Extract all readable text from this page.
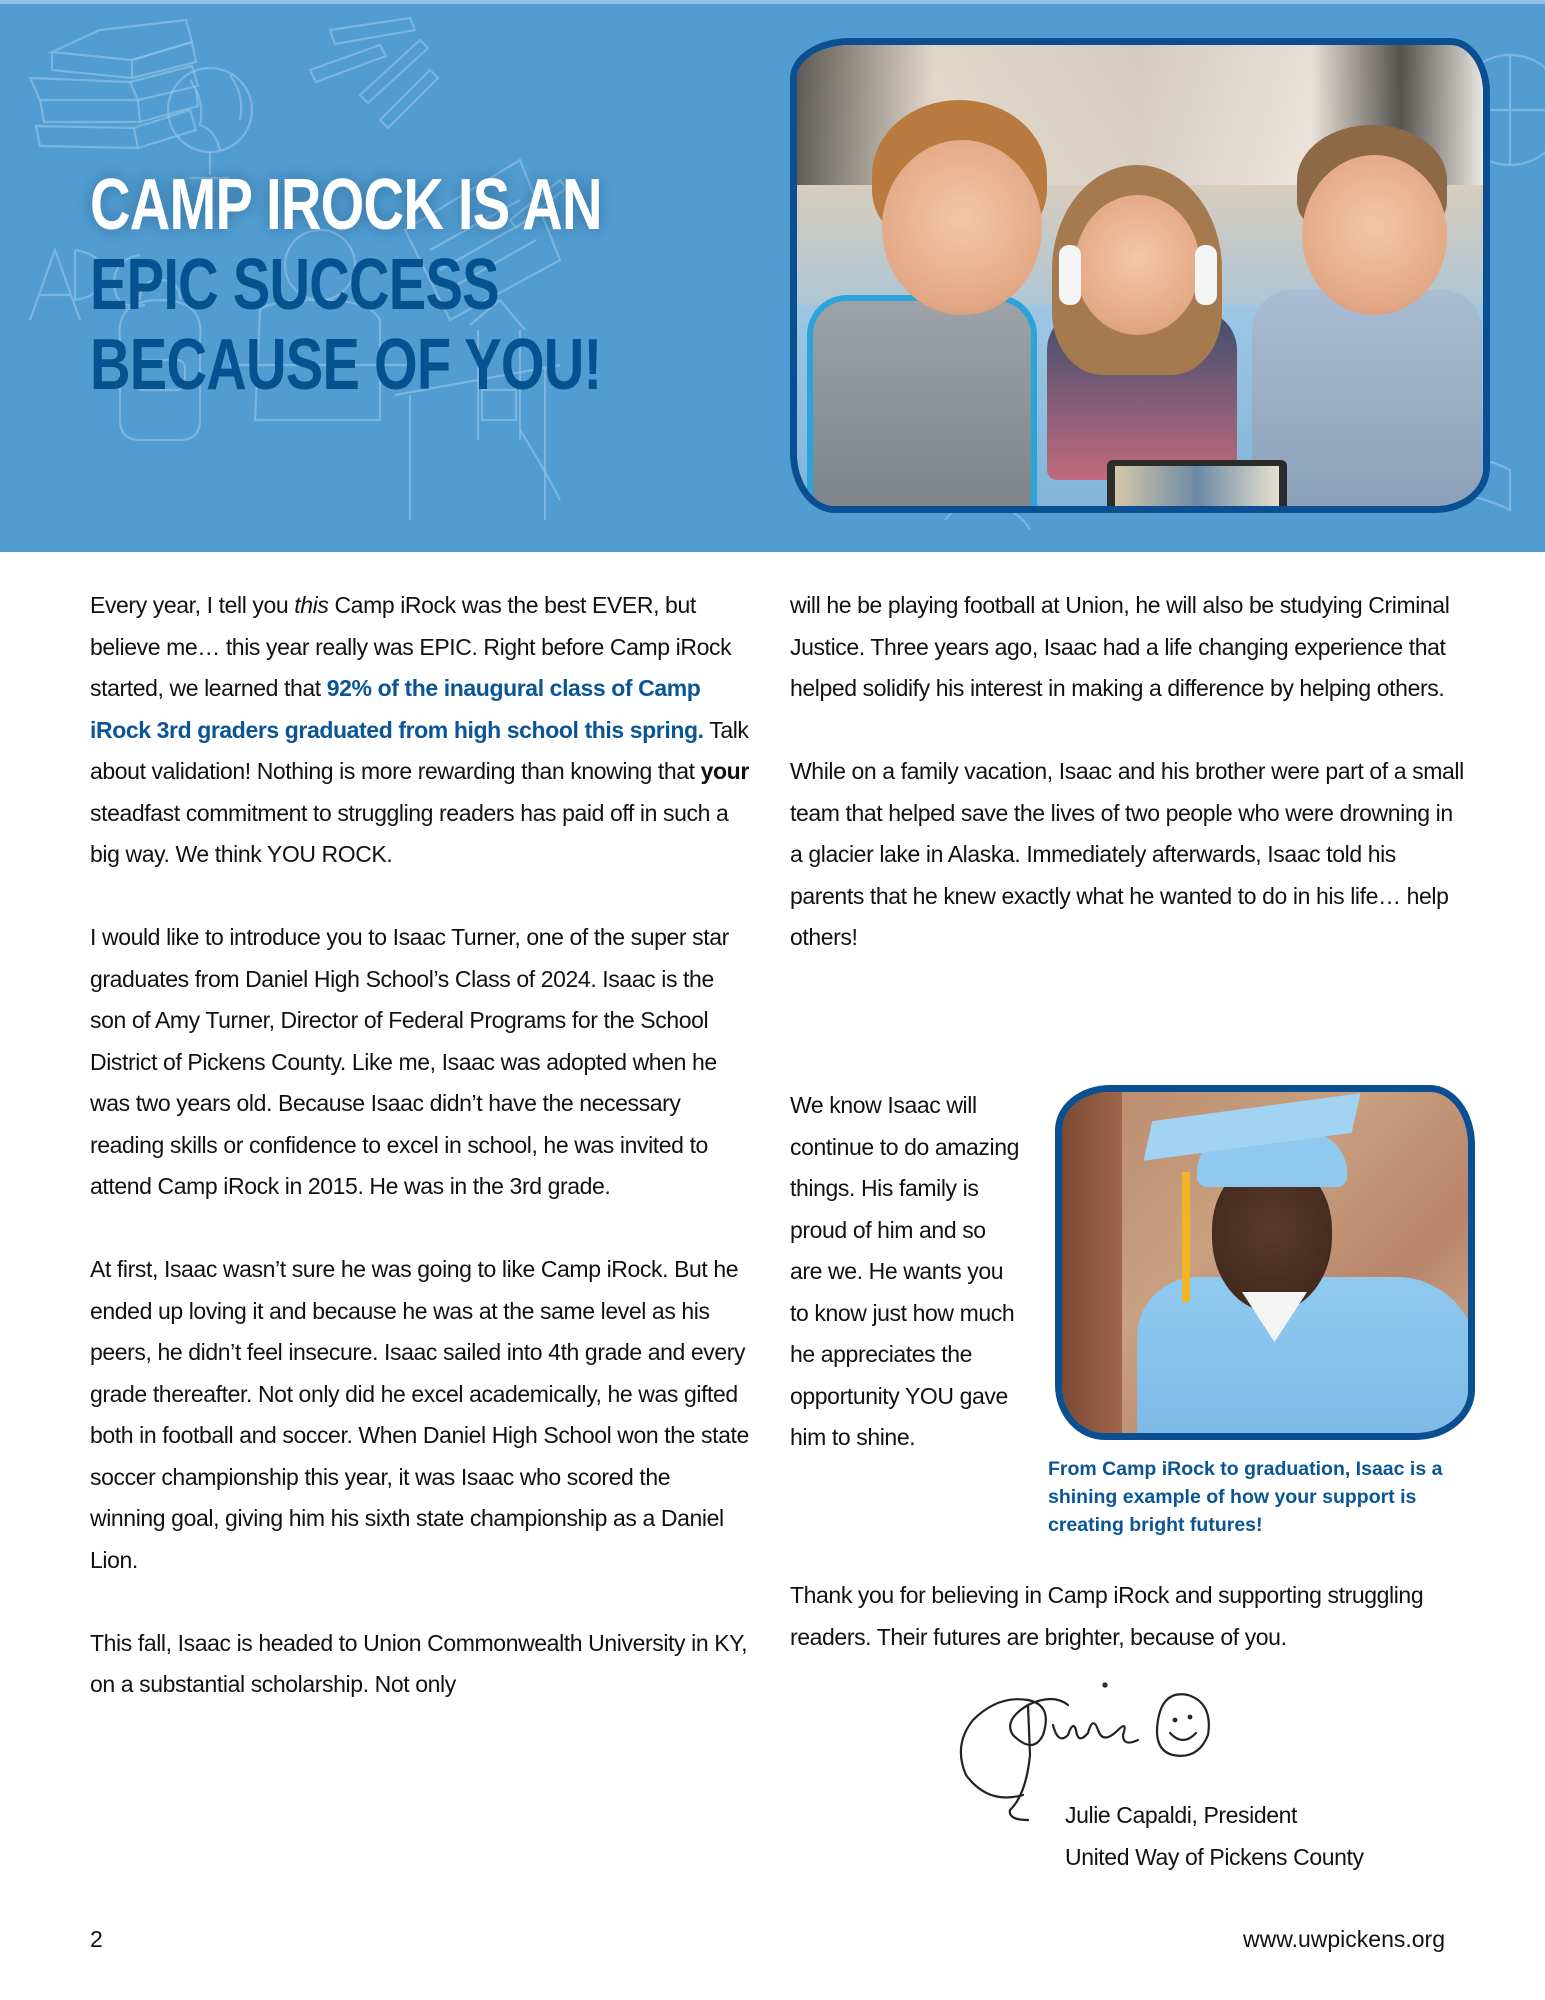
CAMP IROCK IS AN
EPIC SUCCESS
BECAUSE OF YOU!

Every year, I tell you this Camp iRock was the best EVER, but believe me… this year really was EPIC. Right before Camp iRock started, we learned that 92% of the inaugural class of Camp iRock 3rd graders graduated from high school this spring. Talk about validation! Nothing is more rewarding than knowing that your steadfast commitment to struggling readers has paid off in such a big way. We think YOU ROCK.

I would like to introduce you to Isaac Turner, one of the super star graduates from Daniel High School’s Class of 2024. Isaac is the son of Amy Turner, Director of Federal Programs for the School District of Pickens County. Like me, Isaac was adopted when he was two years old. Because Isaac didn’t have the necessary reading skills or confidence to excel in school, he was invited to attend Camp iRock in 2015. He was in the 3rd grade.

At first, Isaac wasn’t sure he was going to like Camp iRock. But he ended up loving it and because he was at the same level as his peers, he didn’t feel insecure. Isaac sailed into 4th grade and every grade thereafter. Not only did he excel academically, he was gifted both in football and soccer. When Daniel High School won the state soccer championship this year, it was Isaac who scored the winning goal, giving him his sixth state championship as a Daniel Lion.

This fall, Isaac is headed to Union Commonwealth University in KY, on a substantial scholarship. Not only

will he be playing football at Union, he will also be studying Criminal Justice. Three years ago, Isaac had a life changing experience that helped solidify his interest in making a difference by helping others.

While on a family vacation, Isaac and his brother were part of a small team that helped save the lives of two people who were drowning in a glacier lake in Alaska. Immediately afterwards, Isaac told his parents that he knew exactly what he wanted to do in his life… help others!

We know Isaac will continue to do amazing things. His family is proud of him and so are we. He wants you to know just how much he appreciates the opportunity YOU gave him to shine.

From Camp iRock to graduation, Isaac is a shining example of how your support is creating bright futures!

Thank you for believing in Camp iRock and supporting struggling readers. Their futures are brighter, because of you.

Julie Capaldi, President
United Way of Pickens County
2	www.uwpickens.org
